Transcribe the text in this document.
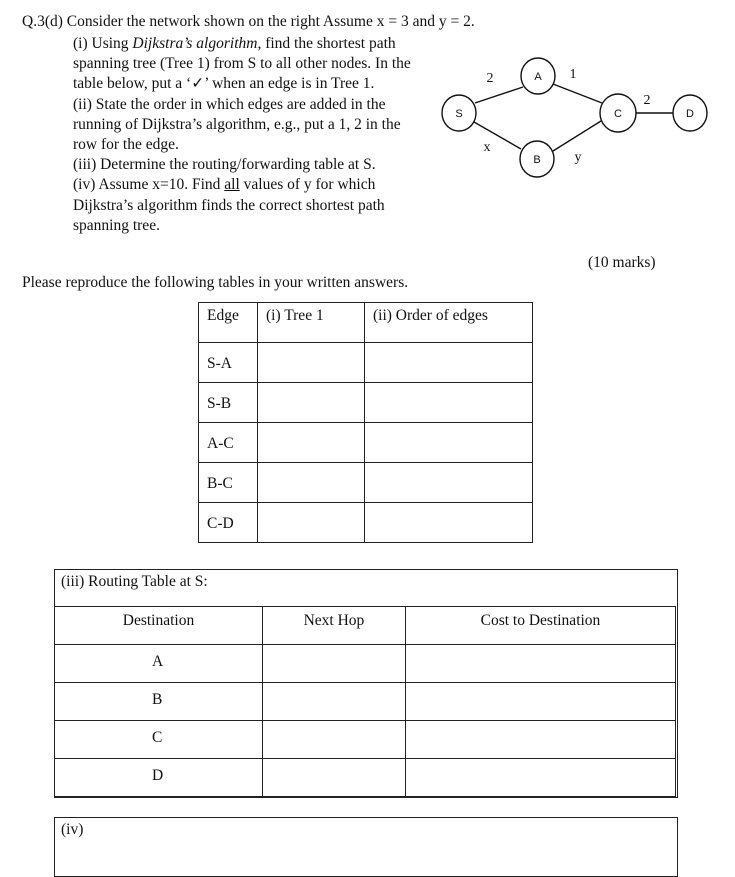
Q.3(d) Consider the network shown on the right Assume x = 3 and y = 2.

(i) Using Dijkstra’s algorithm, find the shortest path spanning tree (Tree 1) from S to all other nodes. In the table below, put a ‘✓’ when an edge is in Tree 1.

(ii) State the order in which edges are added in the running of Dijkstra’s algorithm, e.g., put a 1, 2 in the row for the edge.

(iii) Determine the routing/forwarding table at S.

(iv) Assume x=10. Find all values of y for which Dijkstra’s algorithm finds the correct shortest path spanning tree.

S
A
B
C	D
2	1
x
y
2
(10 marks)
Please reproduce the following tables in your written answers.
Edge	(i) Tree 1	(ii) Order of edges
S-A		
S-B		
A-C		
B-C		
C-D		
(iii) Routing Table at S:
Destination	Next Hop	Cost to Destination
A		
B		
C		
D		
(iv)
